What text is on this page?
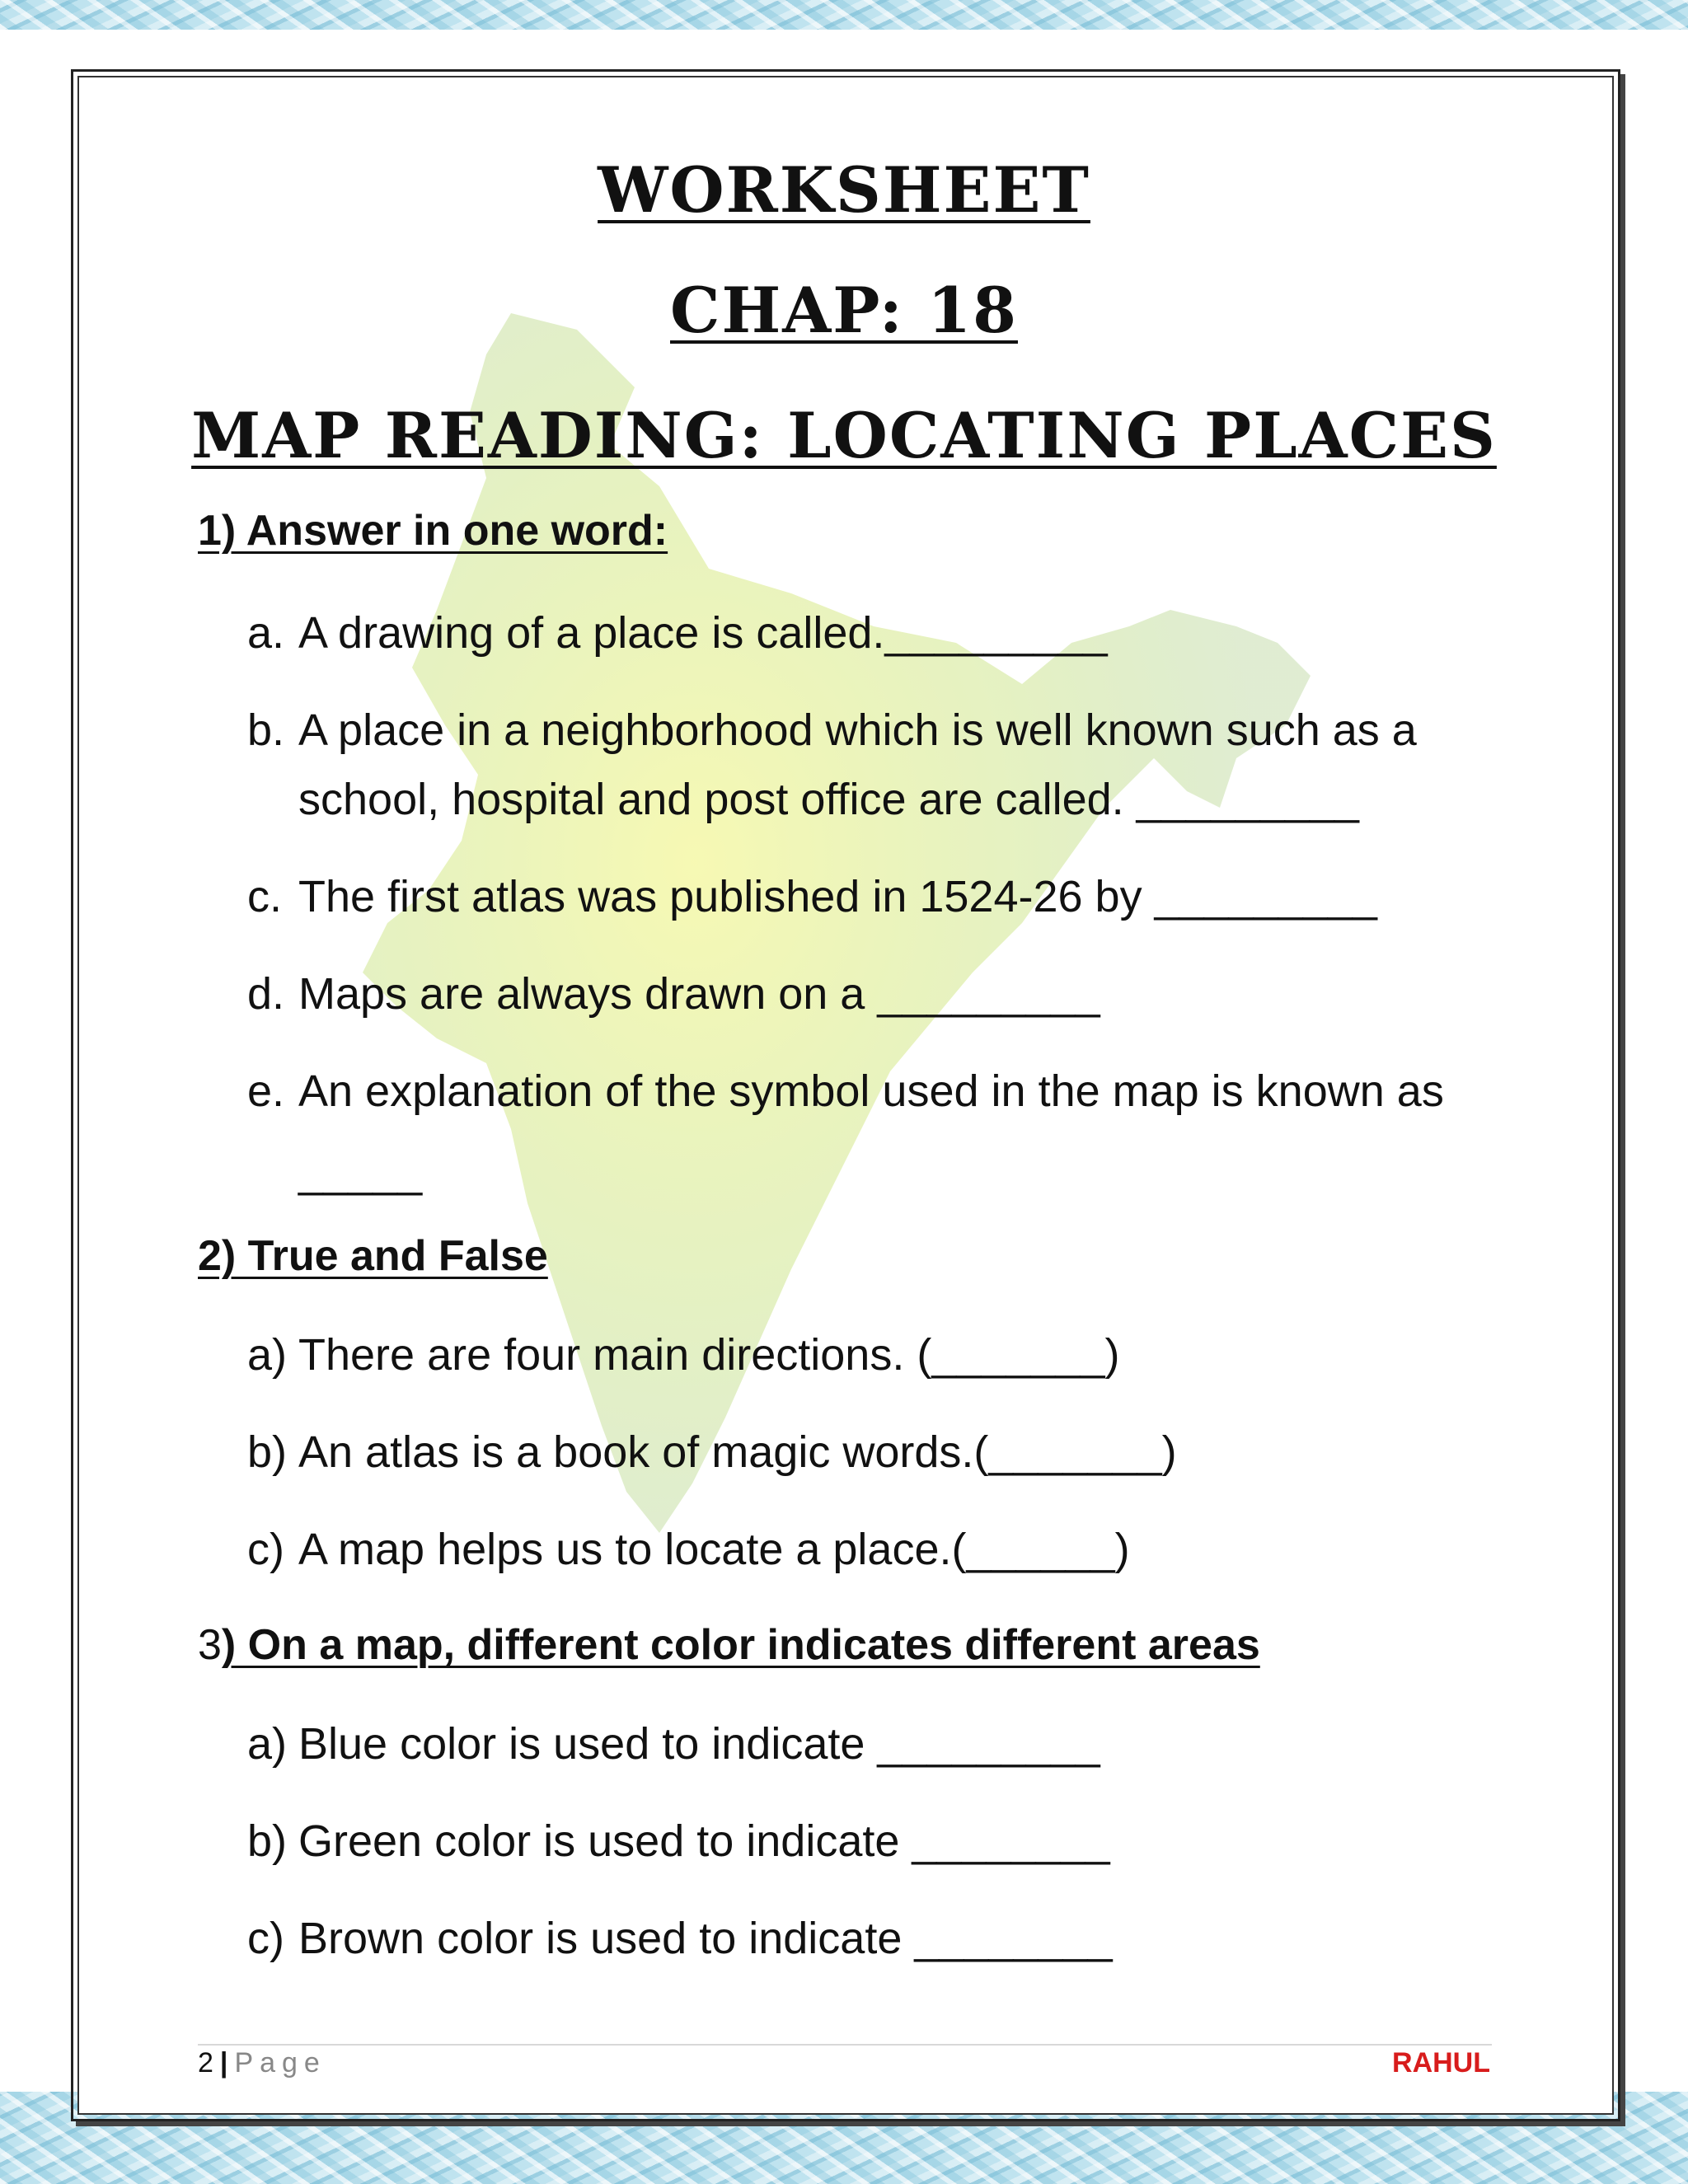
WORKSHEET
CHAP: 18
MAP READING: LOCATING PLACES
1) Answer in one word:
a. A drawing of a place is called._________
b. A place in a neighborhood which is well known such as a
school, hospital and post office are called. _________
c. The first atlas was published in 1524-26 by _________
d. Maps are always drawn on a _________
e. An explanation of the symbol used in the map is known as
_____
2) True and False
a) There are four main directions. (_______)
b) An atlas is a book of magic words.(_______)
c) A map helps us to locate a place.(______)
3) On a map, different color indicates different areas
a) Blue color is used to indicate _________
b) Green color is used to indicate ________
c) Brown color is used to indicate ________
2 | Page	RAHUL
